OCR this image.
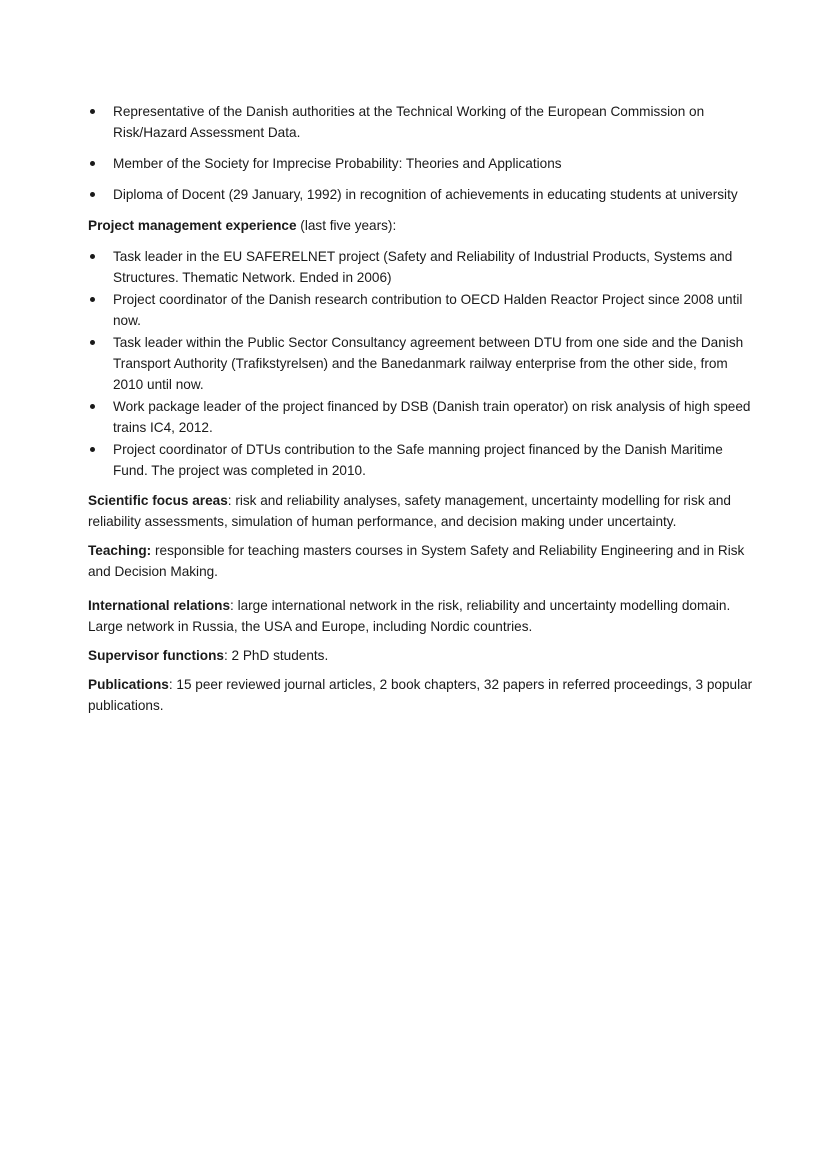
Representative of the Danish authorities at the Technical Working of the European Commission on Risk/Hazard Assessment Data.
Member of the Society for Imprecise Probability: Theories and Applications
Diploma of Docent (29 January, 1992) in recognition of achievements in educating students at university

Project management experience (last five years):

Task leader in the EU SAFERELNET project (Safety and Reliability of Industrial Products, Systems and Structures. Thematic Network. Ended in 2006)
Project coordinator of the Danish research contribution to OECD Halden Reactor Project since 2008 until now.
Task leader within the Public Sector Consultancy agreement between DTU from one side and the Danish Transport Authority (Trafikstyrelsen) and the Banedanmark railway enterprise from the other side, from 2010 until now.
Work package leader of the project financed by DSB (Danish train operator) on risk analysis of high speed trains IC4, 2012.
Project coordinator of DTUs contribution to the Safe manning project financed by the Danish Maritime Fund. The project was completed in 2010.

Scientific focus areas: risk and reliability analyses, safety management, uncertainty modelling for risk and reliability assessments, simulation of human performance, and decision making under uncertainty.

Teaching: responsible for teaching masters courses in System Safety and Reliability Engineering and in Risk and Decision Making.

International relations: large international network in the risk, reliability and uncertainty modelling domain. Large network in Russia, the USA and Europe, including Nordic countries.

Supervisor functions: 2 PhD students.

Publications: 15 peer reviewed journal articles, 2 book chapters, 32 papers in referred proceedings, 3 popular publications.
